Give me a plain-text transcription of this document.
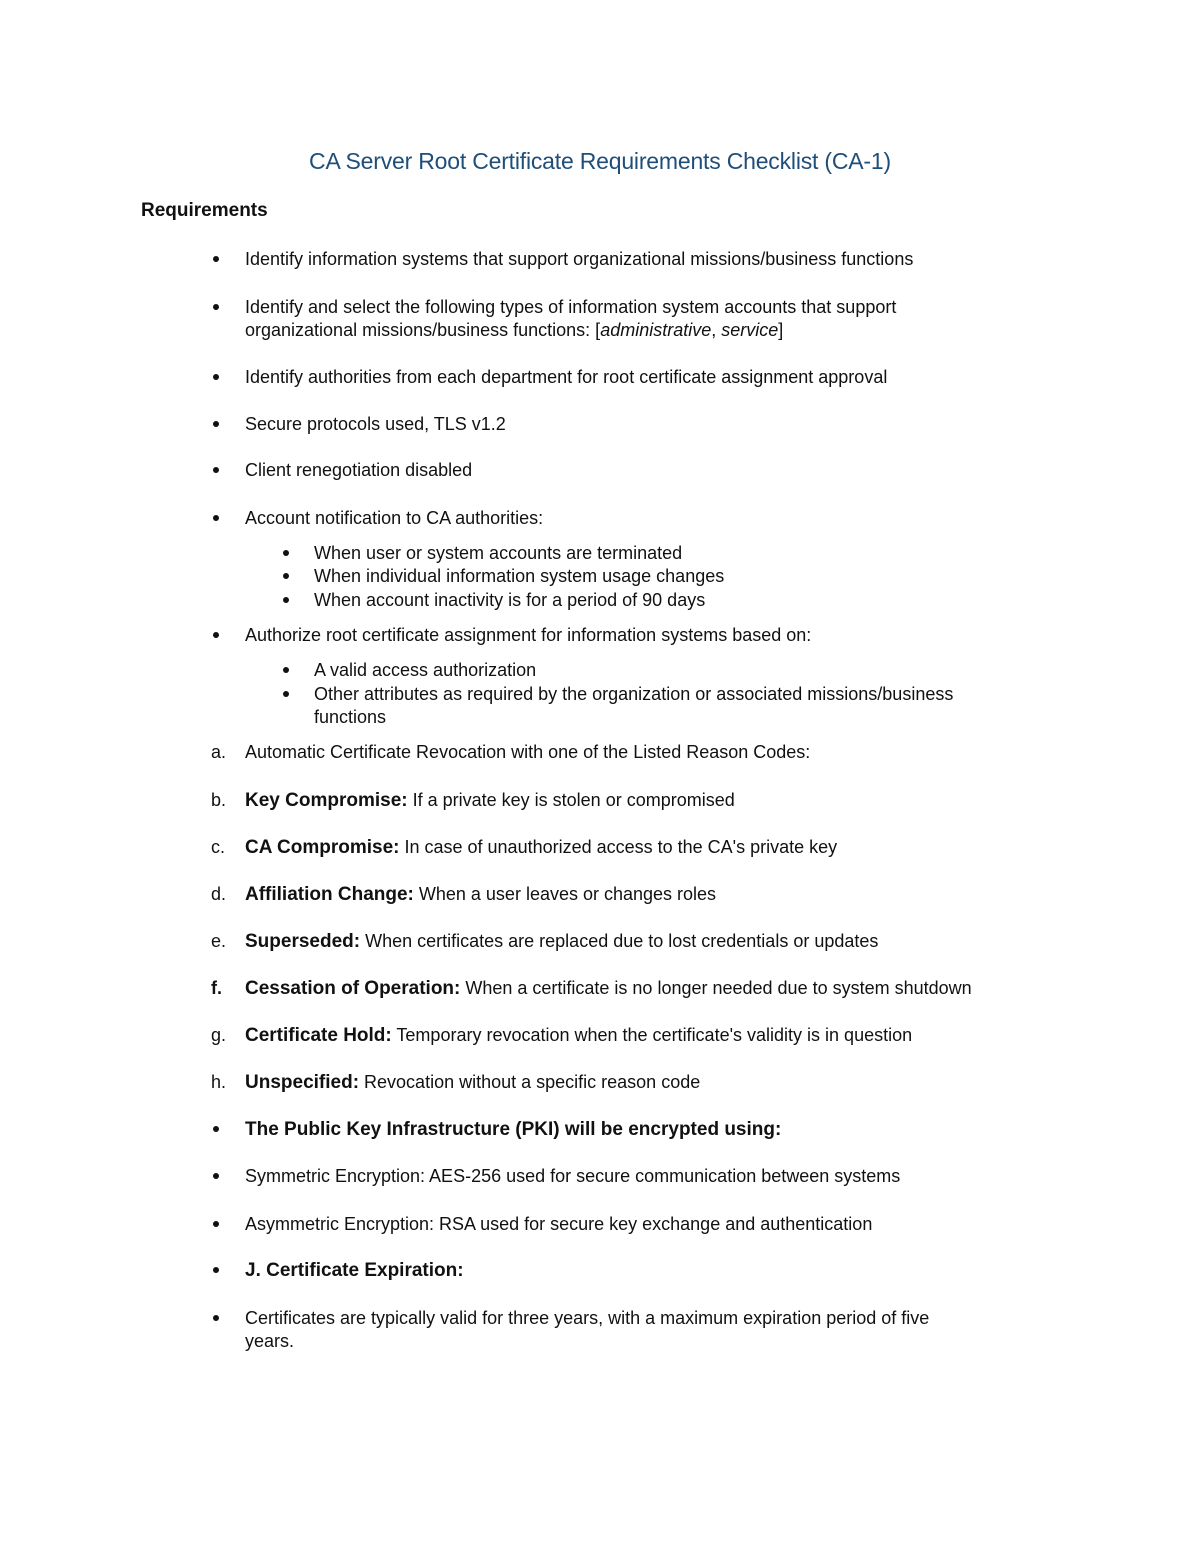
CA Server Root Certificate Requirements Checklist (CA-1)
Requirements
Identify information systems that support organizational missions/business functions
Identify and select the following types of information system accounts that support
organizational missions/business functions: [administrative, service]
Identify authorities from each department for root certificate assignment approval
Secure protocols used, TLS v1.2
Client renegotiation disabled
Account notification to CA authorities:
When user or system accounts are terminated
When individual information system usage changes
When account inactivity is for a period of 90 days
Authorize root certificate assignment for information systems based on:
A valid access authorization
Other attributes as required by the organization or associated missions/business
functions
a.	Automatic Certificate Revocation with one of the Listed Reason Codes:
b. Key Compromise: If a private key is stolen or compromised
c.	CA Compromise: In case of unauthorized access to the CA's private key
d. Affiliation Change: When a user leaves or changes roles
e. Superseded: When certificates are replaced due to lost credentials or updates
f.	Cessation of Operation: When a certificate is no longer needed due to system shutdown
g. Certificate Hold: Temporary revocation when the certificate's validity is in question
h. Unspecified: Revocation without a specific reason code
The Public Key Infrastructure (PKI) will be encrypted using:
Symmetric Encryption: AES-256 used for secure communication between systems
Asymmetric Encryption: RSA used for secure key exchange and authentication
J. Certificate Expiration:
Certificates are typically valid for three years, with a maximum expiration period of five
years.
